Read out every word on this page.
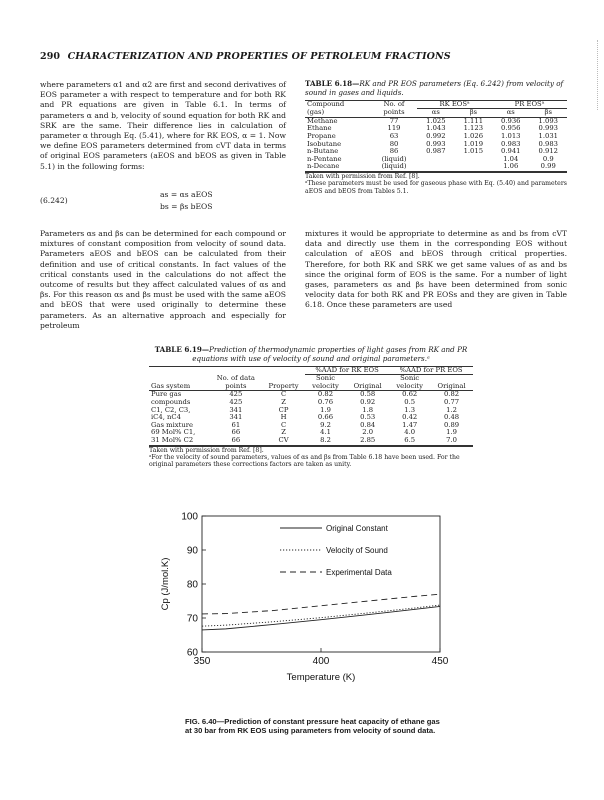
290 CHARACTERIZATION AND PROPERTIES OF PETROLEUM FRACTIONS

where parameters α1 and α2 are first and second derivatives of EOS parameter a with respect to temperature and for both RK and PR equations are given in Table 6.1. In terms of parameters α and b, velocity of sound equation for both RK and SRK are the same. Their difference lies in calculation of parameter α through Eq. (5.41), where for RK EOS, α = 1. Now we define EOS parameters determined from cVT data in terms of original EOS parameters (aEOS and bEOS as given in Table 5.1) in the following forms:

(6.242)
as = αs aEOS
bs = βs bEOS
TABLE 6.18—RK and PR EOS parameters (Eq. 6.242) from velocity of sound in gases and liquids.
Compound	No. of	RK EOSᵃ		PR EOSᵃ	
(gas)	points	αs	βs	αs	βs
Methane	77	1.025	1.111	0.936	1.093
Ethane	119	1.043	1.123	0.956	0.993
Propane	63	0.992	1.026	1.013	1.031
Isobutane	80	0.993	1.019	0.983	0.983
n-Butane	86	0.987	1.015	0.941	0.912
n-Pentane	(liquid)			1.04	0.9
n-Decane	(liquid)			1.06	0.99
Taken with permission from Ref. [8].
ᵃThese parameters must be used for gaseous phase with Eq. (5.40) and parameters aEOS and bEOS from Tables 5.1.

Parameters αs and βs can be determined for each compound or mixtures of constant composition from velocity of sound data. Parameters aEOS and bEOS can be calculated from their definition and use of critical constants. In fact values of the critical constants used in the calculations do not affect the outcome of results but they affect calculated values of αs and βs. For this reason αs and βs must be used with the same aEOS and bEOS that were used originally to determine these parameters. As an alternative approach and especially for petroleum

mixtures it would be appropriate to determine as and bs from cVT data and directly use them in the corresponding EOS without calculation of aEOS and bEOS through critical properties. Therefore, for both RK and SRK we get same values of as and bs since the original form of EOS is the same. For a number of light gases, parameters αs and βs have been determined from sonic velocity data for both RK and PR EOSs and they are given in Table 6.18. Once these parameters are used

TABLE 6.19—Prediction of thermodynamic properties of light gases from RK and PR equations with use of velocity of sound and original parameters.ᵃ
			%AAD for RK EOS		%AAD for PR EOS	
	No. of data		Sonic		Sonic	
Gas system	points	Property	velocity	Original	velocity	Original
Pure gas	425	C	0.82	0.58	0.62	0.82
compounds	425	Z	0.76	0.92	0.5	0.77
C1, C2, C3,	341	CP	1.9	1.8	1.3	1.2
iC4, nC4	341	H	0.66	0.53	0.42	0.48
Gas mixture	61	C	9.2	0.84	1.47	0.89
69 Mol% C1,	66	Z	4.1	2.0	4.0	1.9
31 Mol% C2	66	CV	8.2	2.85	6.5	7.0
Taken with permission from Ref. [8].
ᵃFor the velocity of sound parameters, values of αs and βs from Table 6.18 have been used. For the original parameters these corrections factors are taken as unity.
60
70
80
90
100
350	400	450
Temperature (K)
Cp (J/mol.K)
Original Constant
Velocity of Sound
Experimental Data
FIG. 6.40—Prediction of constant pressure heat capacity of ethane gas at 30 bar from RK EOS using parameters from velocity of sound data.
